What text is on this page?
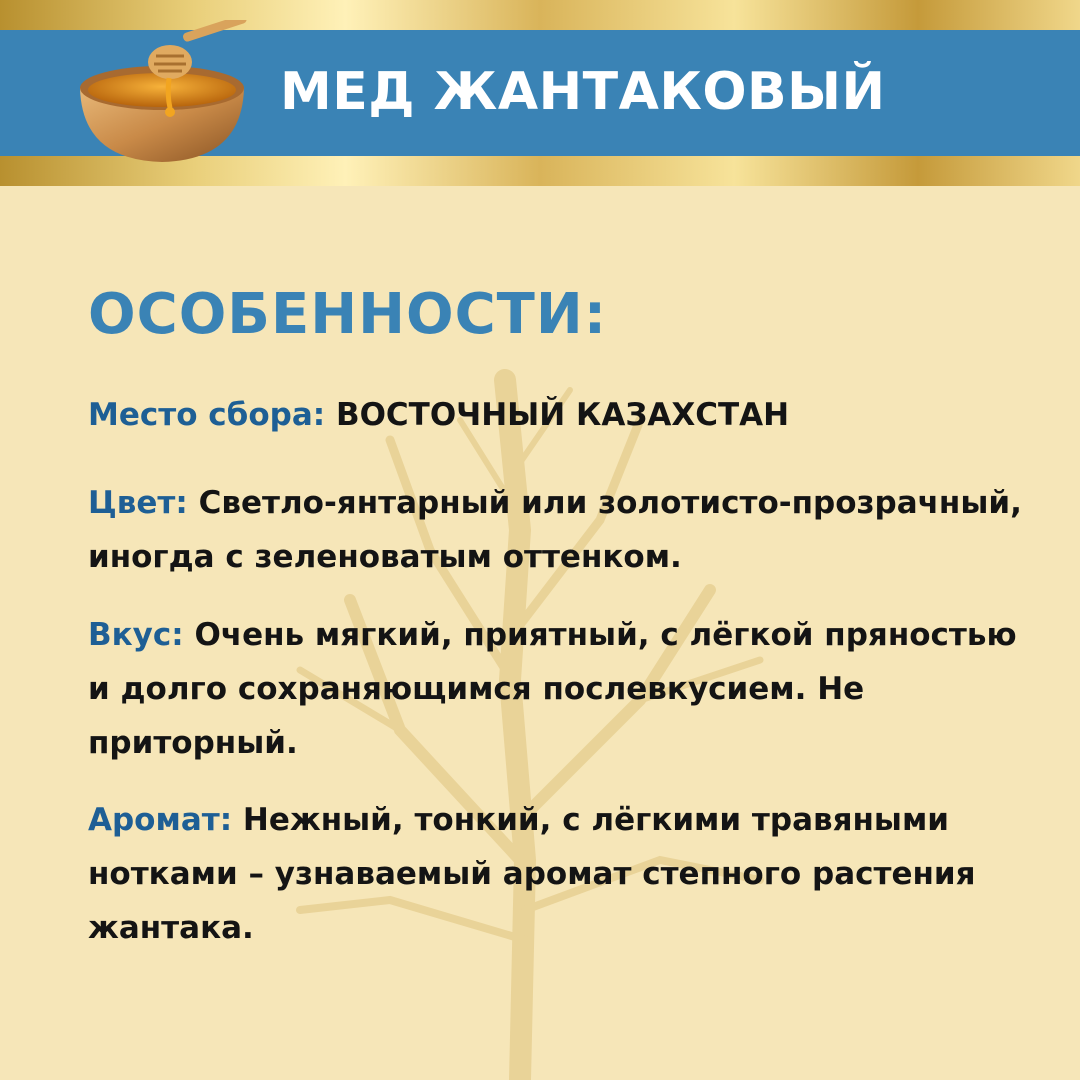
МЕД ЖАНТАКОВЫЙ
ОСОБЕННОСТИ:
Место сбора: ВОСТОЧНЫЙ КАЗАХСТАН
Цвет: Светло-янтарный или золотисто-прозрачный, иногда с зеленоватым оттенком.
Вкус: Очень мягкий, приятный, с лёгкой пряностью и долго сохраняющимся послевкусием. Не приторный.
Аромат: Нежный, тонкий, с лёгкими травяными нотками – узнаваемый аромат степного растения жантака.
